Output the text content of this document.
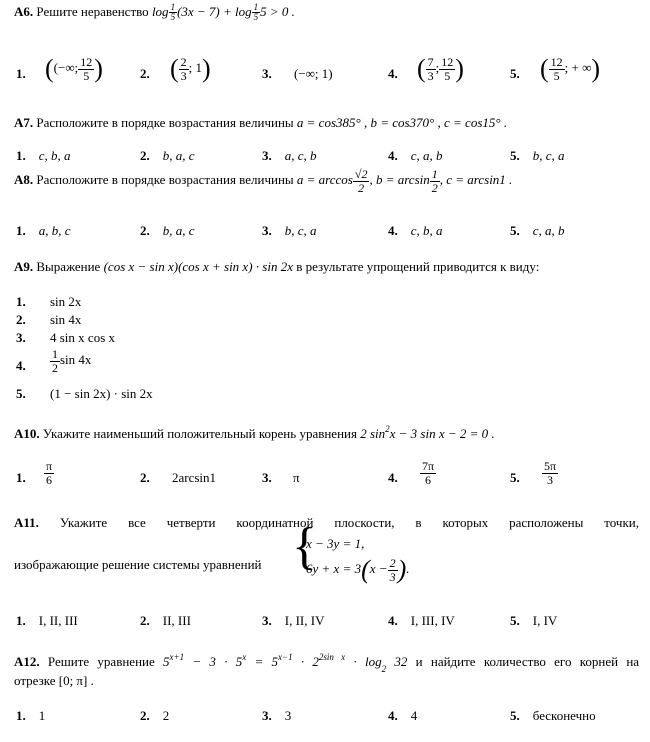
А6. Решите неравенство $\log \frac{1}{5} (3x - 7) + \log \frac{1}{5} 5 > 0$ .
1. ((−∞; $\frac{12}{5}$ )	2. ( $\frac{2}{3}$ ; 1)	3. (−∞; 1)	4. ( $\frac{7}{3}$ ; $\frac{12}{5}$ )	5. ( $\frac{12}{5}$ ; + ∞)
А7. Расположите в порядке возрастания величины a = cos385° , b = cos370° , c = cos15° .
1. c, b, a	2. b, a, c	3. a, c, b	4. c, a, b	5. b, c, a
А8. Расположите в порядке возрастания величины $a = \arccos \frac{√2}{2}$ , $b = \arcsin \frac{1}{2}$ , c = arcsin1 .
1. a, b, c	2. b, a, c	3. b, c, a	4. c, b, a	5. c, a, b
А9. Выражение (cos x − sin x)(cos x + sin x) · sin 2x в результате упрощений приводится к виду:
1. sin 2x
2. sin 4x
3. 4 sin x cos x
4. $\frac{1}{2}$ sin 4x
5. (1 − sin 2x) · sin 2x
А10. Укажите наименьший положительный корень уравнения 2 $\sin^2x - 3$ sin x − 2 = 0 .
1. $\frac{\pi}{6}$	2. 2arcsin1	3. π	4. $\frac{7\pi}{6}$	5. $\frac{5\pi}{3}$
А11. Укажите все четверти координатной плоскости, в которых расположены точки,
изображающие решение системы уравнений {
x − 3y = 1,
$6y + x = 3(x - \frac{2}{3}$ ).
1. I, II, III	2. II, III	3. I, II, IV	4. I, III, IV	5. I, IV
А12. Решите уравнение $5^{x+1} - 3 \cdot 5^x = 5^{x-1} \cdot 2^{2sin x} \cdot \log_2 32$ и найдите количество его корней на
отрезке [0; π] .
1. 1	2. 2	3. 3	4. 4	5. бесконечно
